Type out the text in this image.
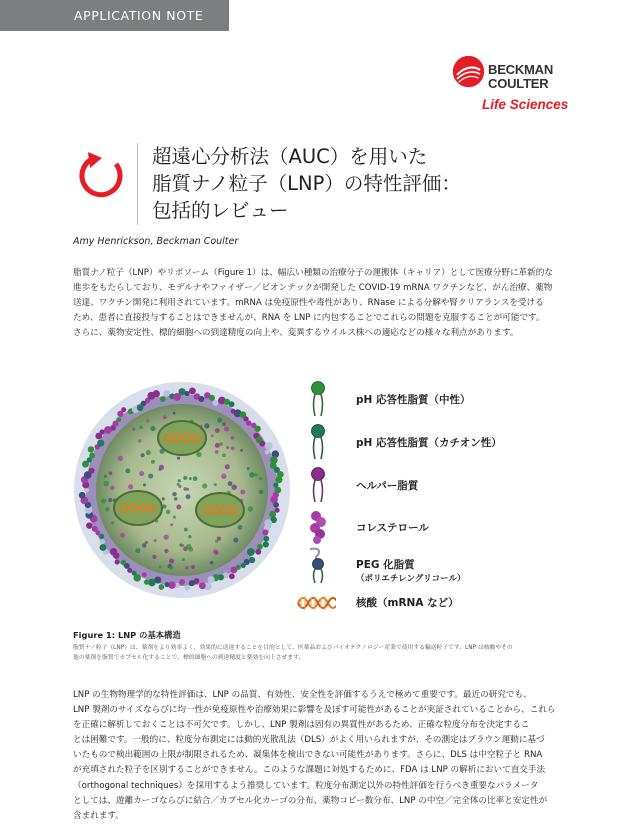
APPLICATION NOTE
BECKMAN
COULTER
Life Sciences
超遠心分析法（AUC）を用いた
脂質ナノ粒子（LNP）の特性評価：
包括的レビュー
Amy Henrickson, Beckman Coulter
脂質ナノ粒子（LNP）やリポソーム（Figure 1）は、幅広い種類の治療分子の運搬体（キャリア）として医療分野に革新的な
進歩をもたらしており、モデルナやファイザー／ビオンテックが開発した COVID-19 mRNA ワクチンなど、がん治療、薬物
送達、ワクチン開発に利用されています。mRNA は免疫原性や毒性があり、RNase による分解や腎クリアランスを受ける
ため、患者に直接投与することはできませんが、RNA を LNP に内包することでこれらの問題を克服することが可能です。
さらに、薬物安定性、標的細胞への到達精度の向上や、変異するウイルス株への適応などの様々な利点があります。
pH 応答性脂質（中性）
pH 応答性脂質（カチオン性）
ヘルパー脂質
コレステロール
PEG 化脂質
（ポリエチレングリコール）
核酸（mRNA など）
Figure 1: LNP の基本構造
脂質ナノ粒子（LNP）は、薬剤をより効率よく、効果的に送達することを目的として、医薬品およびバイオテクノロジー産業で使用する輸送粒子です。LNP は核酸やその
他の薬剤を脂質でカプセル化することで、標的細胞への到達精度と薬効を向上させます。
LNP の生物物理学的な特性評価は、LNP の品質、有効性、安全性を評価するうえで極めて重要です。最近の研究でも、
LNP 製剤のサイズならびに均一性が免疫原性や治療効果に影響を及ぼす可能性があることが実証されていることから、これら
を正確に解析しておくことは不可欠です。しかし、LNP 製剤は固有の異質性があるため、正確な粒度分布を決定するこ
とは困難です。一般的に、粒度分布測定には動的光散乱法（DLS）がよく用いられますが、その測定はブラウン運動に基づ
いたもので検出範囲の上限が制限されるため、凝集体を検出できない可能性があります。さらに、DLS は中空粒子と RNA
が充填された粒子を区別することができません。このような課題に対処するために、FDA は LNP の解析において直交手法
（orthogonal techniques）を採用するよう推奨しています。粒度分布測定以外の特性評価を行うべき重要なパラメータ
としては、遊離カーゴならびに結合／カプセル化カーゴの分布、薬物コピー数分布、LNP の中空／完全体の比率と安定性が
含まれます。
